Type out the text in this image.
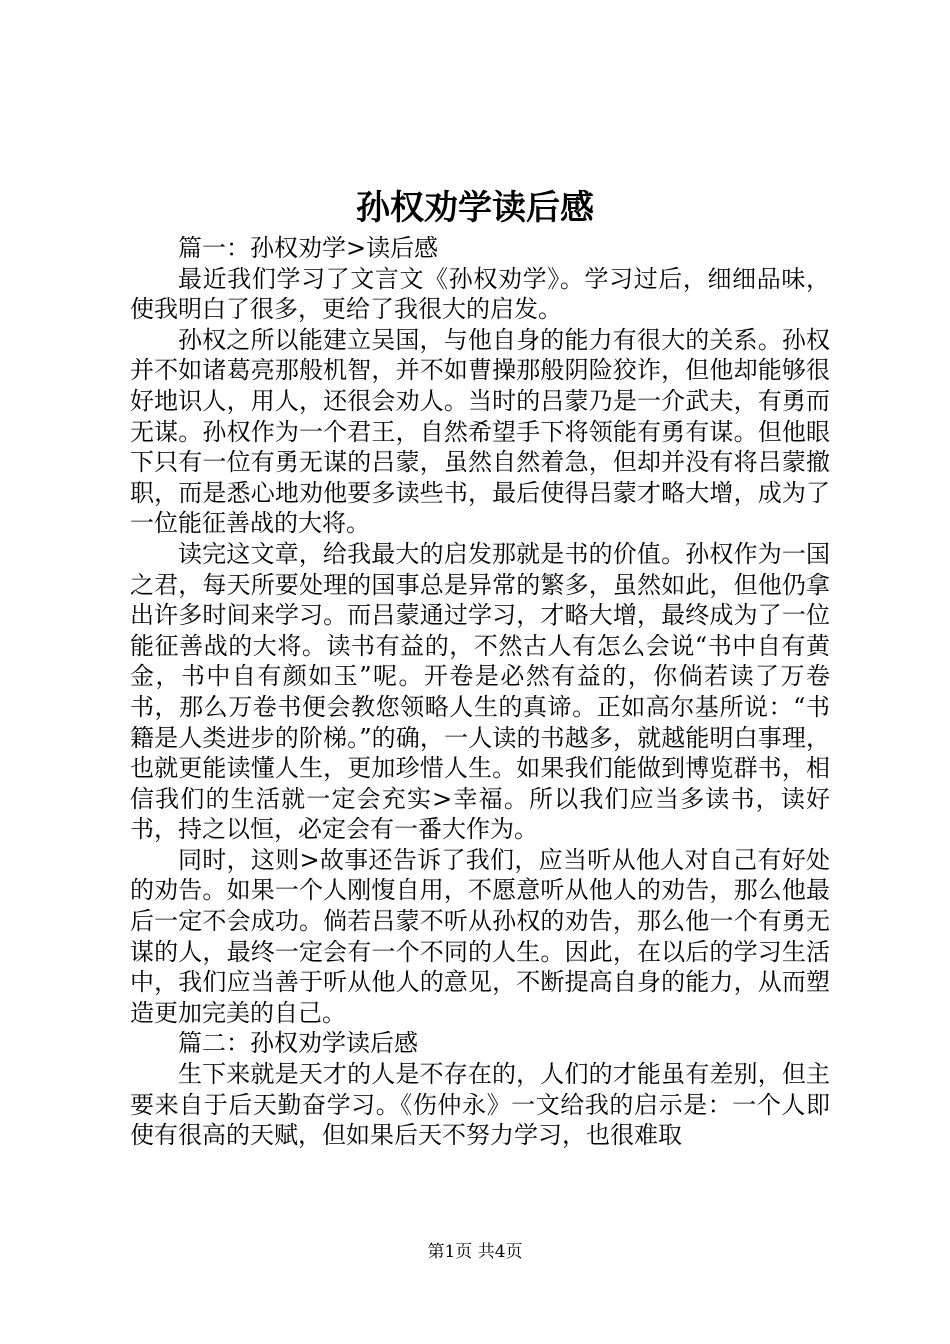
孙权劝学读后感

篇一：孙权劝学>读后感

最近我们学习了文言文《孙权劝学》。学习过后，细细品味，使我明白了很多，更给了我很大的启发。

孙权之所以能建立吴国，与他自身的能力有很大的关系。孙权并不如诸葛亮那般机智，并不如曹操那般阴险狡诈，但他却能够很好地识人，用人，还很会劝人。当时的吕蒙乃是一介武夫，有勇而无谋。孙权作为一个君王，自然希望手下将领能有勇有谋。但他眼下只有一位有勇无谋的吕蒙，虽然自然着急，但却并没有将吕蒙撤职，而是悉心地劝他要多读些书，最后使得吕蒙才略大增，成为了一位能征善战的大将。

读完这文章，给我最大的启发那就是书的价值。孙权作为一国之君，每天所要处理的国事总是异常的繁多，虽然如此，但他仍拿出许多时间来学习。而吕蒙通过学习，才略大增，最终成为了一位能征善战的大将。读书有益的，不然古人有怎么会说“书中自有黄金，书中自有颜如玉”呢。开卷是必然有益的，你倘若读了万卷书，那么万卷书便会教您领略人生的真谛。正如高尔基所说：“书籍是人类进步的阶梯。”的确，一人读的书越多，就越能明白事理，也就更能读懂人生，更加珍惜人生。如果我们能做到博览群书，相信我们的生活就一定会充实>幸福。所以我们应当多读书，读好书，持之以恒，必定会有一番大作为。

同时，这则>故事还告诉了我们，应当听从他人对自己有好处的劝告。如果一个人刚愎自用，不愿意听从他人的劝告，那么他最后一定不会成功。倘若吕蒙不听从孙权的劝告，那么他一个有勇无谋的人，最终一定会有一个不同的人生。因此，在以后的学习生活中，我们应当善于听从他人的意见，不断提高自身的能力，从而塑造更加完美的自己。

篇二：孙权劝学读后感

生下来就是天才的人是不存在的，人们的才能虽有差别，但主要来自于后天勤奋学习。《伤仲永》一文给我的启示是：一个人即使有很高的天赋，但如果后天不努力学习，也很难取

第1页 共4页
